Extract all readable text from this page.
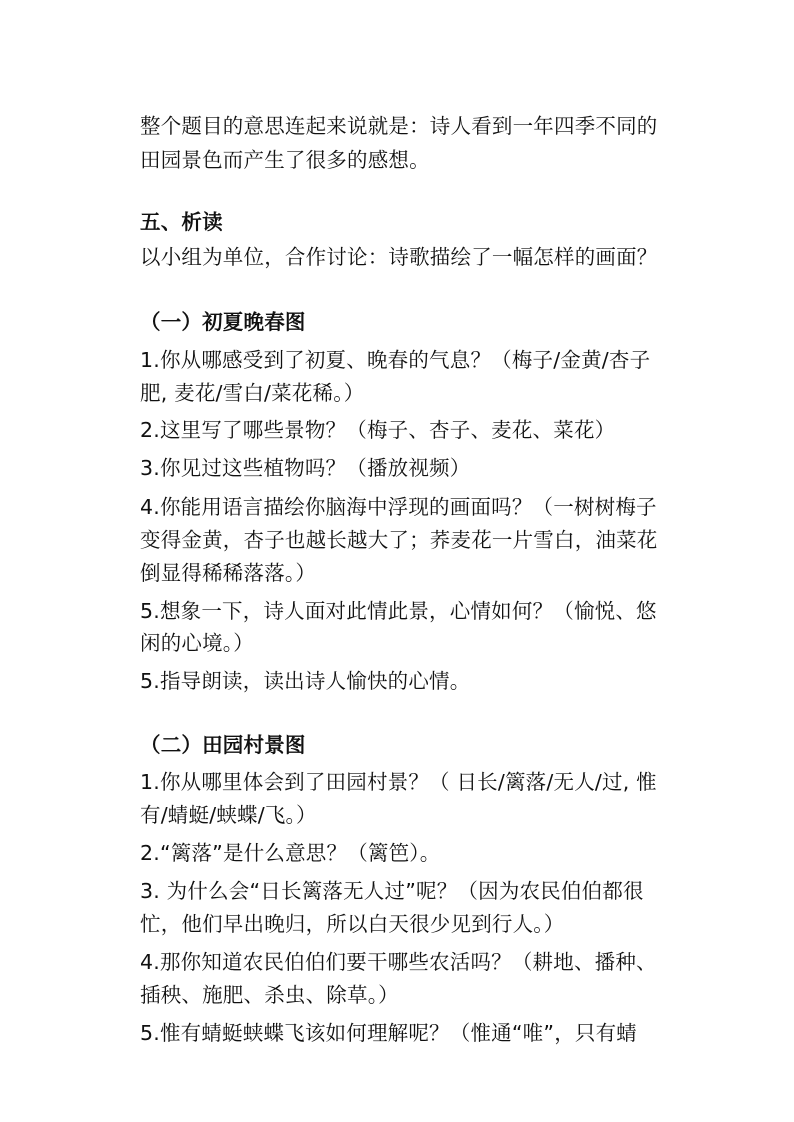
整个题目的意思连起来说就是：诗人看到一年四季不同的
田园景色而产生了很多的感想。
五、析读
以小组为单位，合作讨论：诗歌描绘了一幅怎样的画面？
（一）初夏晚春图
1.你从哪感受到了初夏、晚春的气息？（梅子/金黄/杏子
肥, 麦花/雪白/菜花稀。）
2.这里写了哪些景物？（梅子、杏子、麦花、菜花）
3.你见过这些植物吗？（播放视频）
4.你能用语言描绘你脑海中浮现的画面吗？（一树树梅子
变得金黄，杏子也越长越大了；荞麦花一片雪白，油菜花
倒显得稀稀落落。）
5.想象一下，诗人面对此情此景，心情如何？（愉悦、悠
闲的心境。）
5.指导朗读，读出诗人愉快的心情。
（二）田园村景图
1.你从哪里体会到了田园村景？（ 日长/篱落/无人/过, 惟
有/蜻蜓/蛱蝶/飞。）
2.“篱落”是什么意思？（篱笆）。
3. 为什么会“日长篱落无人过”呢？（因为农民伯伯都很
忙，他们早出晚归，所以白天很少见到行人。）
4.那你知道农民伯伯们要干哪些农活吗？（耕地、播种、
插秧、施肥、杀虫、除草。）
5.惟有蜻蜓蛱蝶飞该如何理解呢？（惟通“唯”，只有蜻
